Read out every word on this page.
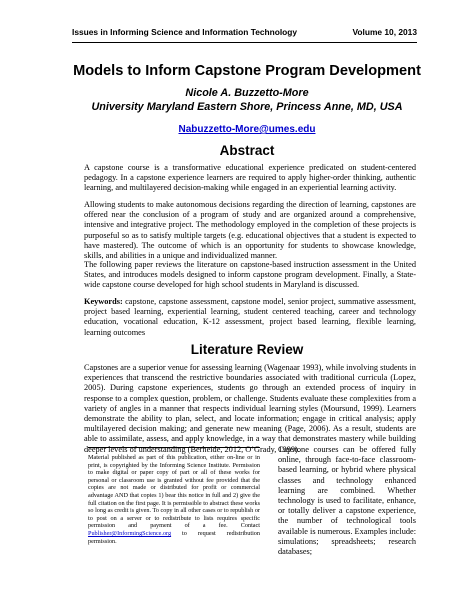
Issues in Informing Science and Information Technology	Volume 10, 2013
Models to Inform Capstone Program Development
Nicole A. Buzzetto-More
University Maryland Eastern Shore, Princess Anne, MD, USA
Nabuzzetto-More@umes.edu
Abstract
A capstone course is a transformative educational experience predicated on student-centered pedagogy. In a capstone experience learners are required to apply higher-order thinking, authentic learning, and multilayered decision-making while engaged in an experiential learning activity.
Allowing students to make autonomous decisions regarding the direction of learning, capstones are offered near the conclusion of a program of study and are organized around a comprehensive, intensive and integrative project. The methodology employed in the completion of these projects is purposeful so as to satisfy multiple targets (e.g. educational objectives that a student is expected to have mastered). The outcome of which is an opportunity for students to showcase knowledge, skills, and abilities in a unique and individualized manner.
The following paper reviews the literature on capstone-based instruction assessment in the United States, and introduces models designed to inform capstone program development. Finally, a State-wide capstone course developed for high school students in Maryland is discussed.
Keywords: capstone, capstone assessment, capstone model, senior project, summative assessment, project based learning, experiential learning, student centered teaching, career and technology education, vocational education, K-12 assessment, project based learning, flexible learning, learning outcomes
Literature Review
Capstones are a superior venue for assessing learning (Wagenaar 1993), while involving students in experiences that transcend the restrictive boundaries associated with traditional curricula (Lopez, 2005). During capstone experiences, students go through an extended process of inquiry in response to a complex question, problem, or challenge. Students evaluate these complexities from a variety of angles in a manner that respects individual learning styles (Moursund, 1999). Learners demonstrate the ability to plan, select, and locate information; engage in critical analysis; apply multilayered decision making; and generate new meaning (Page, 2006). As a result, students are able to assimilate, assess, and apply knowledge, in a way that demonstrates mastery while building deeper levels of understanding (Berheide, 2012, O’Grady, 1999).
Material published as part of this publication, either on-line or in print, is copyrighted by the Informing Science Institute. Permission to make digital or paper copy of part or all of these works for personal or classroom use is granted without fee provided that the copies are not made or distributed for profit or commercial advantage AND that copies 1) bear this notice in full and 2) give the full citation on the first page. It is permissible to abstract these works so long as credit is given. To copy in all other cases or to republish or to post on a server or to redistribute to lists requires specific permission and payment of a fee. Contact Publisher@InformingScience.org to request redistribution permission.
Capstone courses can be offered fully online, through face-to-face classroom-based learning, or hybrid where physical classes and technology enhanced learning are combined. Whether technology is used to facilitate, enhance, or totally deliver a capstone experience, the number of technological tools available is numerous. Examples include: simulations; spreadsheets; research databases;
